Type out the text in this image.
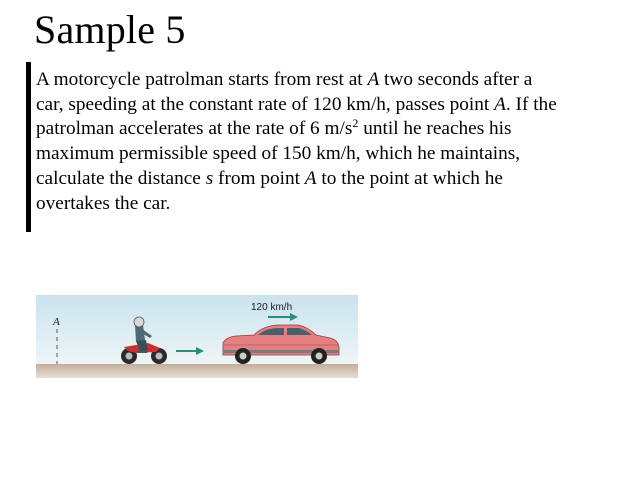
Sample 5
A motorcycle patrolman starts from rest at A two seconds after a
car, speeding at the constant rate of 120 km/h, passes point A. If the
patrolman accelerates at the rate of 6 $m/s^2$ until he reaches his
maximum permissible speed of 150 km/h, which he maintains,
calculate the distance s from point A to the point at which he
overtakes the car.
A
120 km/h
